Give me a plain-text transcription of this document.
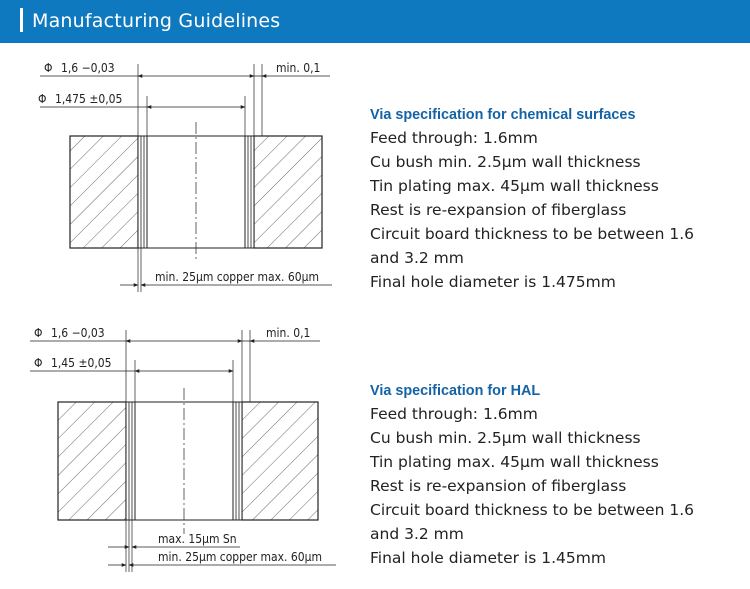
Manufacturing Guidelines
Φ 1,6 −0,03	min. 0,1
Φ 1,475 ±0,05
min. 25µm copper max. 60µm
Φ 1,6 −0,03	min. 0,1
Φ 1,45 ±0,05
max. 15µm Sn
min. 25µm copper max. 60µm
Via specification for chemical surfaces
Feed through: 1.6mm
Cu bush min. 2.5µm wall thickness
Tin plating max. 45µm wall thickness
Rest is re-expansion of fiberglass
Circuit board thickness to be between 1.6
and 3.2 mm
Final hole diameter is 1.475mm
Via specification for HAL
Feed through: 1.6mm
Cu bush min. 2.5µm wall thickness
Tin plating max. 45µm wall thickness
Rest is re-expansion of fiberglass
Circuit board thickness to be between 1.6
and 3.2 mm
Final hole diameter is 1.45mm
